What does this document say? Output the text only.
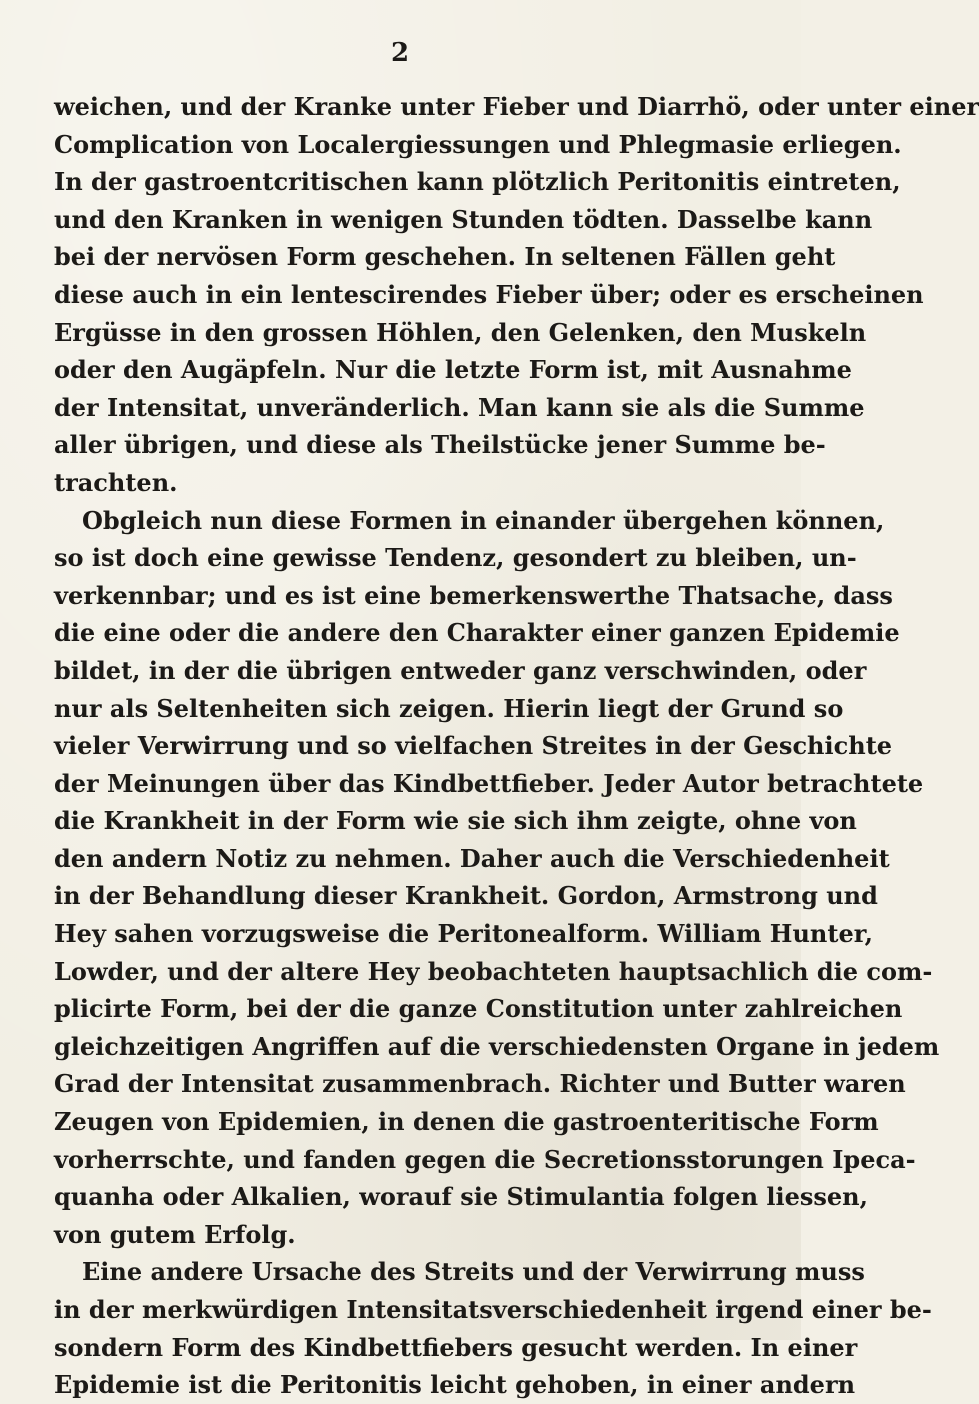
2
weichen, und der Kranke unter Fieber und Diarrhö, oder unter einer
Complication von Localergiessungen und Phlegmasie erliegen.
In der gastroentcritischen kann plötzlich Peritonitis eintreten,
und den Kranken in wenigen Stunden tödten. Dasselbe kann
bei der nervösen Form geschehen. In seltenen Fällen geht
diese auch in ein lentescirendes Fieber über; oder es erscheinen
Ergüsse in den grossen Höhlen, den Gelenken, den Muskeln
oder den Augäpfeln. Nur die letzte Form ist, mit Ausnahme
der Intensitat, unveränderlich. Man kann sie als die Summe
aller übrigen, und diese als Theilstücke jener Summe be-
trachten.
Obgleich nun diese Formen in einander übergehen können,
so ist doch eine gewisse Tendenz, gesondert zu bleiben, un-
verkennbar; und es ist eine bemerkenswerthe Thatsache, dass
die eine oder die andere den Charakter einer ganzen Epidemie
bildet, in der die übrigen entweder ganz verschwinden, oder
nur als Seltenheiten sich zeigen. Hierin liegt der Grund so
vieler Verwirrung und so vielfachen Streites in der Geschichte
der Meinungen über das Kindbettfieber. Jeder Autor betrachtete
die Krankheit in der Form wie sie sich ihm zeigte, ohne von
den andern Notiz zu nehmen. Daher auch die Verschiedenheit
in der Behandlung dieser Krankheit. Gordon, Armstrong und
Hey sahen vorzugsweise die Peritonealform. William Hunter,
Lowder, und der altere Hey beobachteten hauptsachlich die com-
plicirte Form, bei der die ganze Constitution unter zahlreichen
gleichzeitigen Angriffen auf die verschiedensten Organe in jedem
Grad der Intensitat zusammenbrach. Richter und Butter waren
Zeugen von Epidemien, in denen die gastroenteritische Form
vorherrschte, und fanden gegen die Secretionsstorungen Ipeca-
quanha oder Alkalien, worauf sie Stimulantia folgen liessen,
von gutem Erfolg.
Eine andere Ursache des Streits und der Verwirrung muss
in der merkwürdigen Intensitatsverschiedenheit irgend einer be-
sondern Form des Kindbettfiebers gesucht werden. In einer
Epidemie ist die Peritonitis leicht gehoben, in einer andern
